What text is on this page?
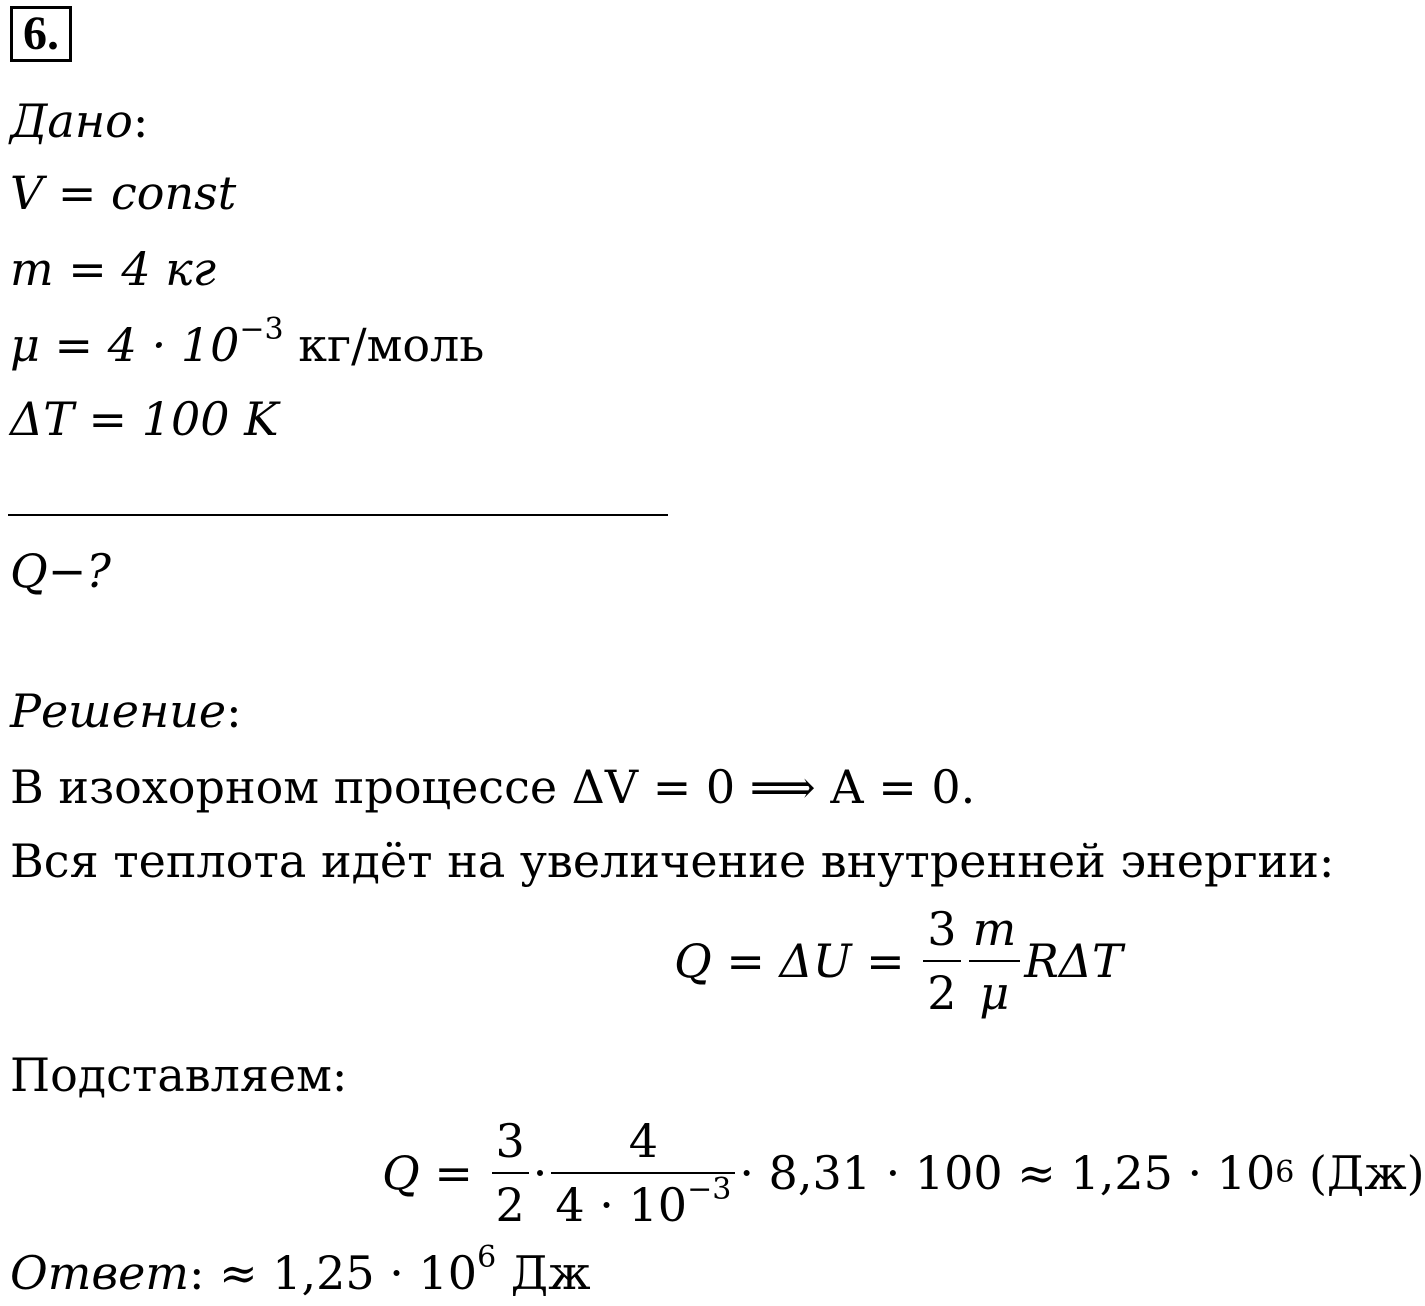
6.
Дано:
V = const
m = 4 кг
$\mu = 4 \cdot 10^{-3}$ кг/моль
ΔT = 100 K
Q−?
Решение:
В изохорном процессе ΔV = 0 ⟹ A = 0.
Вся теплота идёт на увеличение внутренней энергии:
$Q = \Delta U = \frac{3}{2} \frac{m}{\mu}$ RΔT
Подставляем:
$Q = \frac{3}{2} \cdot \frac{4}{4 \cdot 10^{-3}} \cdot 8,31 \cdot 100 \approx 1,25 \cdot 10$ 6 (Дж)
Ответ: ≈ $1,25 \cdot 10^6$ Дж
